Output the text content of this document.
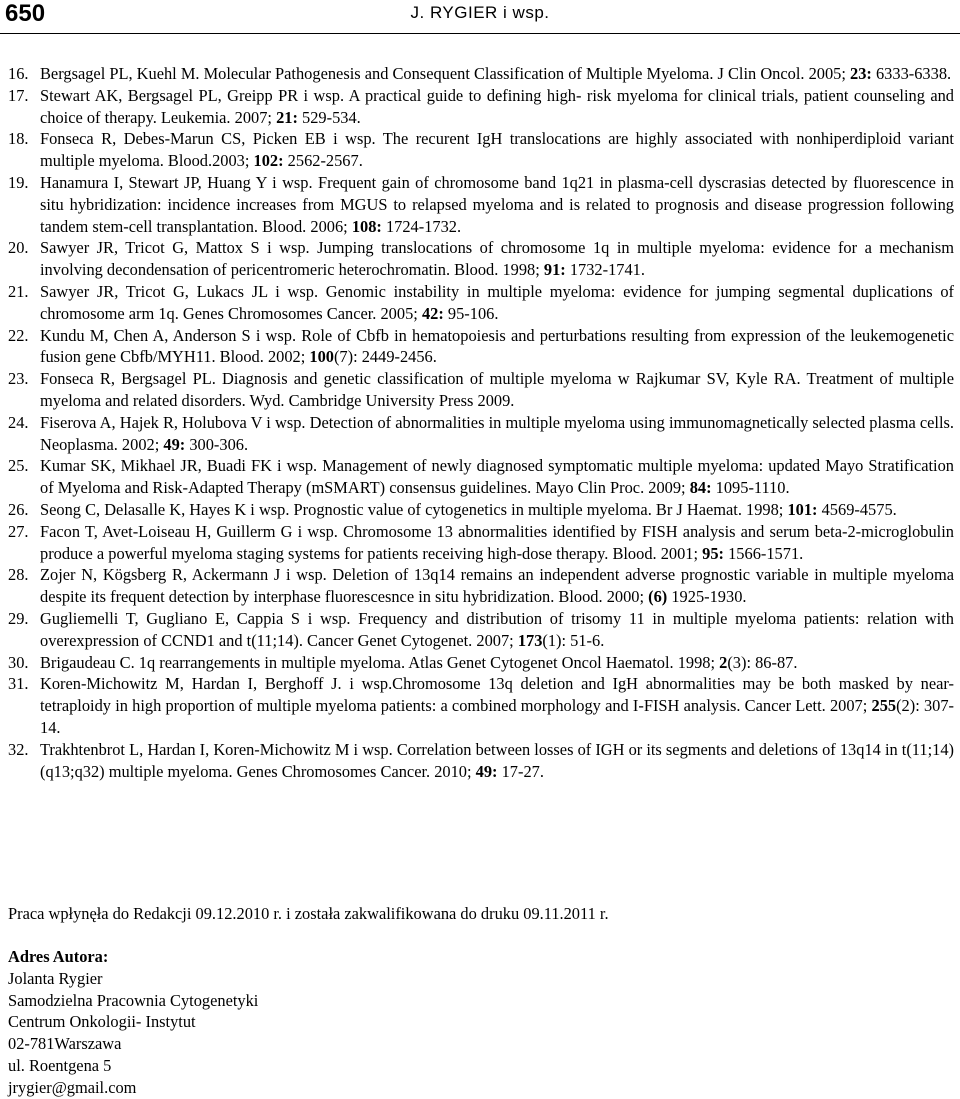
650	J. RYGIER i wsp.
16. Bergsagel PL, Kuehl M. Molecular Pathogenesis and Consequent Classification of Multiple Myeloma. J Clin Oncol. 2005; 23: 6333-6338.
17. Stewart AK, Bergsagel PL, Greipp PR i wsp. A practical guide to defining high- risk myeloma for clinical trials, patient counseling and choice of therapy. Leukemia. 2007; 21: 529-534.
18. Fonseca R, Debes-Marun CS, Picken EB i wsp. The recurent IgH translocations are highly associated with nonhiperdiploid variant multiple myeloma. Blood.2003; 102: 2562-2567.
19. Hanamura I, Stewart JP, Huang Y i wsp. Frequent gain of chromosome band 1q21 in plasma-cell dyscrasias detected by fluorescence in situ hybridization: incidence increases from MGUS to relapsed myeloma and is related to prognosis and disease progression following tandem stem-cell transplantation. Blood. 2006; 108: 1724-1732.
20. Sawyer JR, Tricot G, Mattox S i wsp. Jumping translocations of chromosome 1q in multiple myeloma: evidence for a mechanism involving decondensation of pericentromeric heterochromatin. Blood. 1998; 91: 1732-1741.
21. Sawyer JR, Tricot G, Lukacs JL i wsp. Genomic instability in multiple myeloma: evidence for jumping segmental duplications of chromosome arm 1q. Genes Chromosomes Cancer. 2005; 42: 95-106.
22. Kundu M, Chen A, Anderson S i wsp. Role of Cbfb in hematopoiesis and perturbations resulting from expression of the leukemogenetic fusion gene Cbfb/MYH11. Blood. 2002; 100(7): 2449-2456.
23. Fonseca R, Bergsagel PL. Diagnosis and genetic classification of multiple myeloma w Rajkumar SV, Kyle RA. Treatment of multiple myeloma and related disorders. Wyd. Cambridge University Press 2009.
24. Fiserova A, Hajek R, Holubova V i wsp. Detection of abnormalities in multiple myeloma using immunomagnetically selected plasma cells. Neoplasma. 2002; 49: 300-306.
25. Kumar SK, Mikhael JR, Buadi FK i wsp. Management of newly diagnosed symptomatic multiple myeloma: updated Mayo Stratification of Myeloma and Risk-Adapted Therapy (mSMART) consensus guidelines. Mayo Clin Proc. 2009; 84: 1095-1110.
26. Seong C, Delasalle K, Hayes K i wsp. Prognostic value of cytogenetics in multiple myeloma. Br J Haemat. 1998; 101: 4569-4575.
27. Facon T, Avet-Loiseau H, Guillerm G i wsp. Chromosome 13 abnormalities identified by FISH analysis and serum beta-2-microglobulin produce a powerful myeloma staging systems for patients receiving high-dose therapy. Blood. 2001; 95: 1566-1571.
28. Zojer N, Kögsberg R, Ackermann J i wsp. Deletion of 13q14 remains an independent adverse prognostic variable in multiple myeloma despite its frequent detection by interphase fluorescesnce in situ hybridization. Blood. 2000; (6) 1925-1930.
29. Gugliemelli T, Gugliano E, Cappia S i wsp. Frequency and distribution of trisomy 11 in multiple myeloma patients: relation with overexpression of CCND1 and t(11;14). Cancer Genet Cytogenet. 2007; 173(1): 51-6.
30. Brigaudeau C. 1q rearrangements in multiple myeloma. Atlas Genet Cytogenet Oncol Haematol. 1998; 2(3): 86-87.
31. Koren-Michowitz M, Hardan I, Berghoff J. i wsp.Chromosome 13q deletion and IgH abnormalities may be both masked by near-tetraploidy in high proportion of multiple myeloma patients: a combined morphology and I-FISH analysis. Cancer Lett. 2007; 255(2): 307-14.
32. Trakhtenbrot L, Hardan I, Koren-Michowitz M i wsp. Correlation between losses of IGH or its segments and deletions of 13q14 in t(11;14)(q13;q32) multiple myeloma. Genes Chromosomes Cancer. 2010; 49: 17-27.
Praca wpłynęła do Redakcji 09.12.2010 r. i została zakwalifikowana do druku 09.11.2011 r.
Adres Autora:
Jolanta Rygier
Samodzielna Pracownia Cytogenetyki
Centrum Onkologii- Instytut
02-781Warszawa
ul. Roentgena 5
jrygier@gmail.com
